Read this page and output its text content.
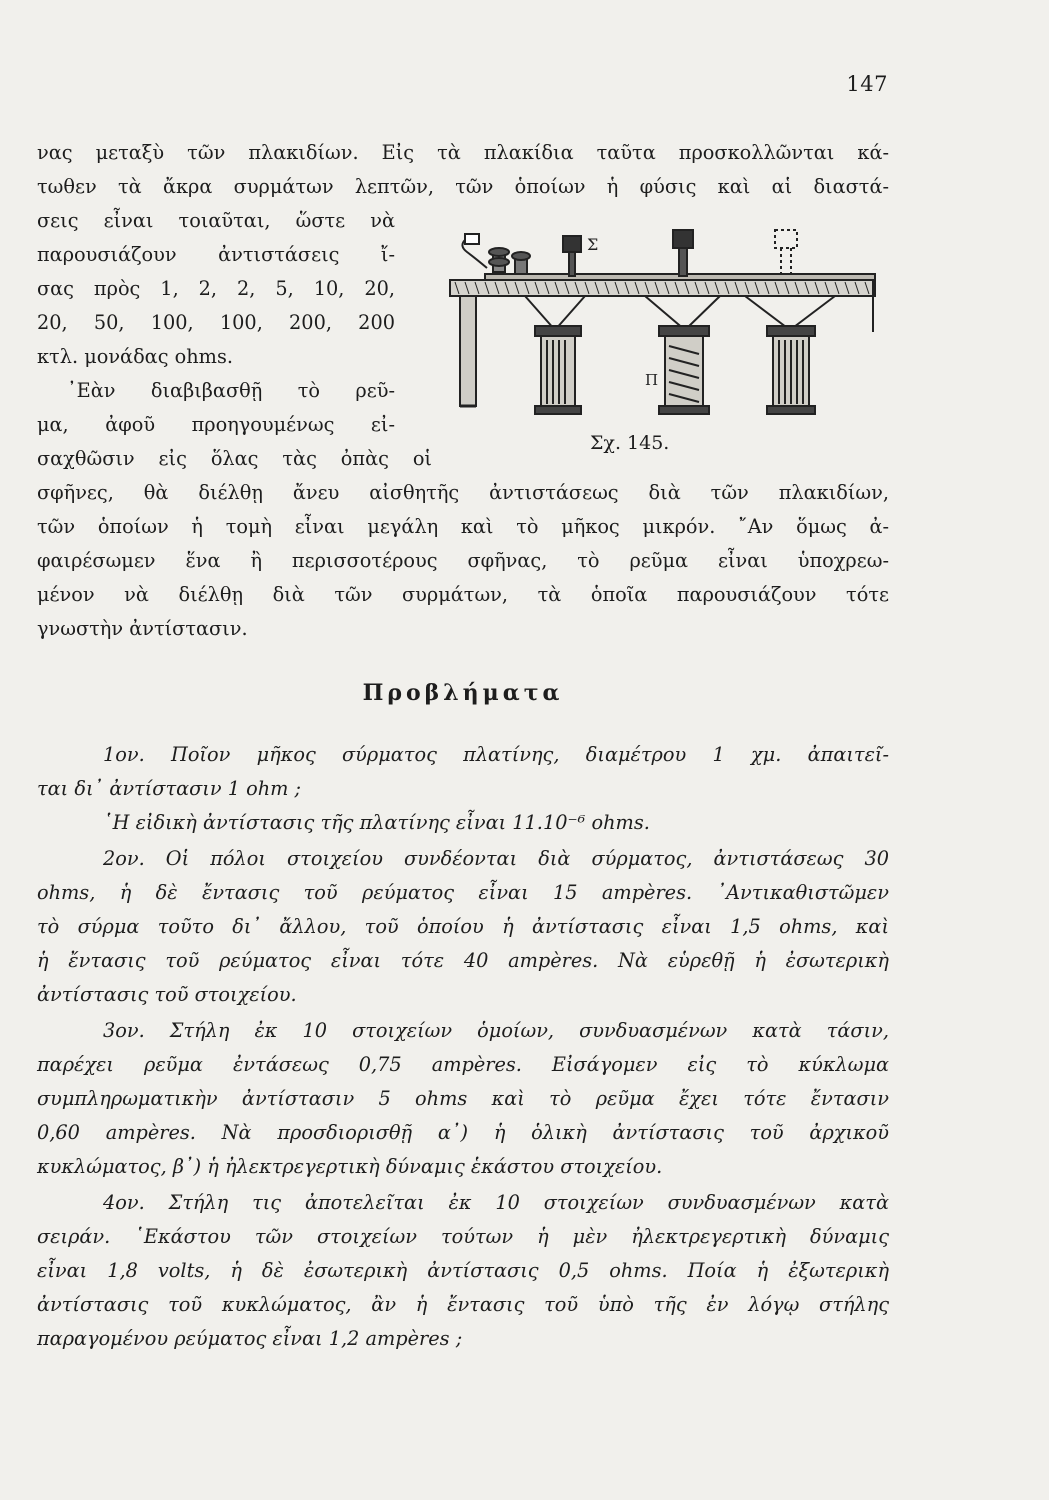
147
νας μεταξὺ τῶν πλακιδίων. Εἰς τὰ πλακίδια ταῦτα προσκολλῶνται κά-
τωθεν τὰ ἄκρα συρμάτων λεπτῶν, τῶν ὁποίων ἡ φύσις καὶ αἱ διαστά-
σεις εἶναι τοιαῦται, ὥστε νὰ
παρουσιάζουν ἀντιστάσεις ἴ-
σας πρὸς 1, 2, 2, 5, 10, 20,
20, 50, 100, 100, 200, 200
κτλ. μονάδας ohms.
᾿Εὰν διαβιβασθῇ τὸ ρεῦ-
μα, ἀφοῦ προηγουμένως εἰ-
σαχθῶσιν εἰς ὅλας τὰς ὀπὰς οἱ
σφῆνες, θὰ διέλθῃ ἄνευ αἰσθητῆς ἀντιστάσεως διὰ τῶν πλακιδίων,
τῶν ὁποίων ἡ τομὴ εἶναι μεγάλη καὶ τὸ μῆκος μικρόν. ῎Αν ὅμως ἀ-
φαιρέσωμεν ἕνα ἢ περισσοτέρους σφῆνας, τὸ ρεῦμα εἶναι ὑποχρεω-
μένον νὰ διέλθῃ διὰ τῶν συρμάτων, τὰ ὁποῖα παρουσιάζουν τότε
γνωστὴν ἀντίστασιν.
Σ
Π
Σχ. 145.
Προβλήματα
1ον. Ποῖον μῆκος σύρματος πλατίνης, διαμέτρου 1 χμ. ἀπαιτεῖ-
ται δι᾿ ἀντίστασιν 1 ohm ;
῾Η εἰδικὴ ἀντίστασις τῆς πλατίνης εἶναι 11.10⁻⁶ ohms.
2ον. Οἱ πόλοι στοιχείου συνδέονται διὰ σύρματος, ἀντιστάσεως 30
ohms, ἡ δὲ ἔντασις τοῦ ρεύματος εἶναι 15 ampères. ᾿Αντικαθιστῶμεν
τὸ σύρμα τοῦτο δι᾿ ἄλλου, τοῦ ὁποίου ἡ ἀντίστασις εἶναι 1,5 ohms, καὶ
ἡ ἔντασις τοῦ ρεύματος εἶναι τότε 40 ampères. Νὰ εὑρεθῇ ἡ ἐσωτερικὴ
ἀντίστασις τοῦ στοιχείου.
3ον. Στήλη ἐκ 10 στοιχείων ὁμοίων, συνδυασμένων κατὰ τάσιν,
παρέχει ρεῦμα ἐντάσεως 0,75 ampères. Εἰσάγομεν εἰς τὸ κύκλωμα
συμπληρωματικὴν ἀντίστασιν 5 ohms καὶ τὸ ρεῦμα ἔχει τότε ἔντασιν
0,60 ampères. Νὰ προσδιορισθῇ α᾿) ἡ ὁλικὴ ἀντίστασις τοῦ ἀρχικοῦ
κυκλώματος, β᾿) ἡ ἠλεκτρεγερτικὴ δύναμις ἑκάστου στοιχείου.
4ον. Στήλη τις ἀποτελεῖται ἐκ 10 στοιχείων συνδυασμένων κατὰ
σειράν. ῾Εκάστου τῶν στοιχείων τούτων ἡ μὲν ἠλεκτρεγερτικὴ δύναμις
εἶναι 1,8 volts, ἡ δὲ ἐσωτερικὴ ἀντίστασις 0,5 ohms. Ποία ἡ ἐξωτερικὴ
ἀντίστασις τοῦ κυκλώματος, ἂν ἡ ἔντασις τοῦ ὑπὸ τῆς ἐν λόγῳ στήλης
παραγομένου ρεύματος εἶναι 1,2 ampères ;
